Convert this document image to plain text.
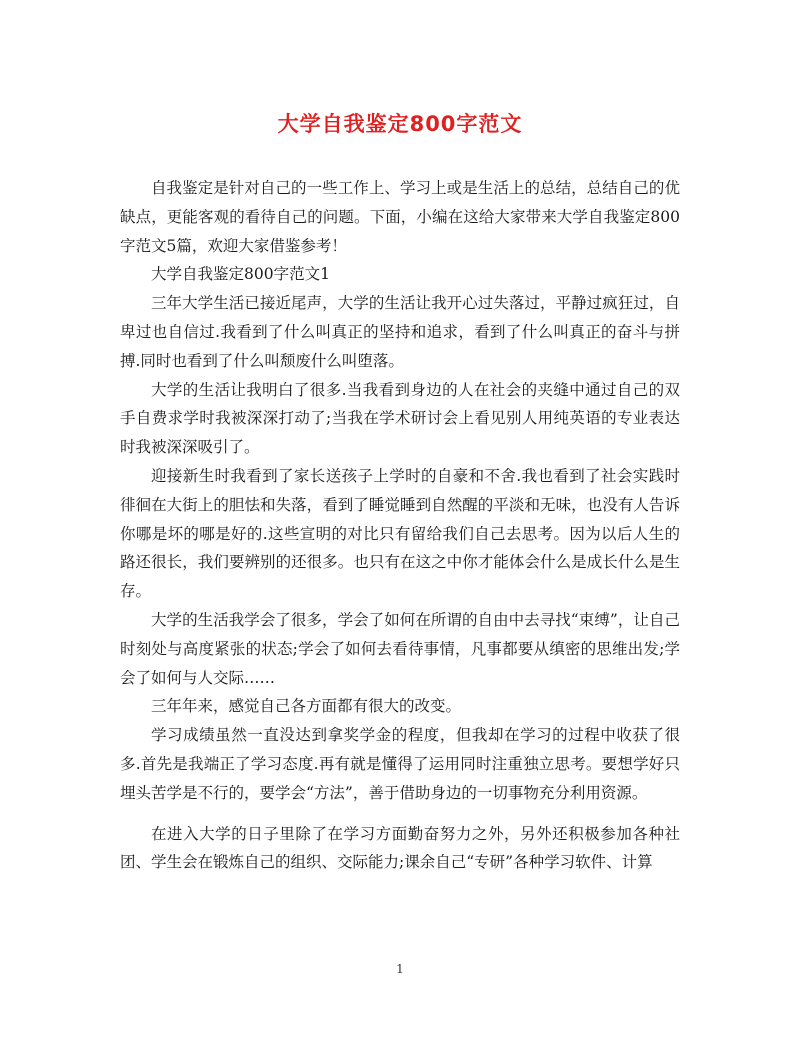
大学自我鉴定800字范文

自我鉴定是针对自己的一些工作上、学习上或是生活上的总结，总结自己的优缺点，更能客观的看待自己的问题。下面，小编在这给大家带来大学自我鉴定800字范文5篇，欢迎大家借鉴参考！

大学自我鉴定800字范文1

三年大学生活已接近尾声，大学的生活让我开心过失落过，平静过疯狂过，自卑过也自信过.我看到了什么叫真正的坚持和追求，看到了什么叫真正的奋斗与拼搏.同时也看到了什么叫颓废什么叫堕落。

大学的生活让我明白了很多.当我看到身边的人在社会的夹缝中通过自己的双手自费求学时我被深深打动了;当我在学术研讨会上看见别人用纯英语的专业表达时我被深深吸引了。

迎接新生时我看到了家长送孩子上学时的自豪和不舍.我也看到了社会实践时徘徊在大街上的胆怯和失落，看到了睡觉睡到自然醒的平淡和无味，也没有人告诉你哪是坏的哪是好的.这些宣明的对比只有留给我们自己去思考。因为以后人生的路还很长，我们要辨别的还很多。也只有在这之中你才能体会什么是成长什么是生存。

大学的生活我学会了很多，学会了如何在所谓的自由中去寻找“束缚”，让自己时刻处与高度紧张的状态;学会了如何去看待事情，凡事都要从缜密的思维出发;学会了如何与人交际……

三年年来，感觉自己各方面都有很大的改变。

学习成绩虽然一直没达到拿奖学金的程度，但我却在学习的过程中收获了很多.首先是我端正了学习态度.再有就是懂得了运用同时注重独立思考。要想学好只埋头苦学是不行的，要学会“方法”，善于借助身边的一切事物充分利用资源。

在进入大学的日子里除了在学习方面勤奋努力之外，另外还积极参加各种社团、学生会在锻炼自己的组织、交际能力;课余自己“专研”各种学习软件、计算

1
